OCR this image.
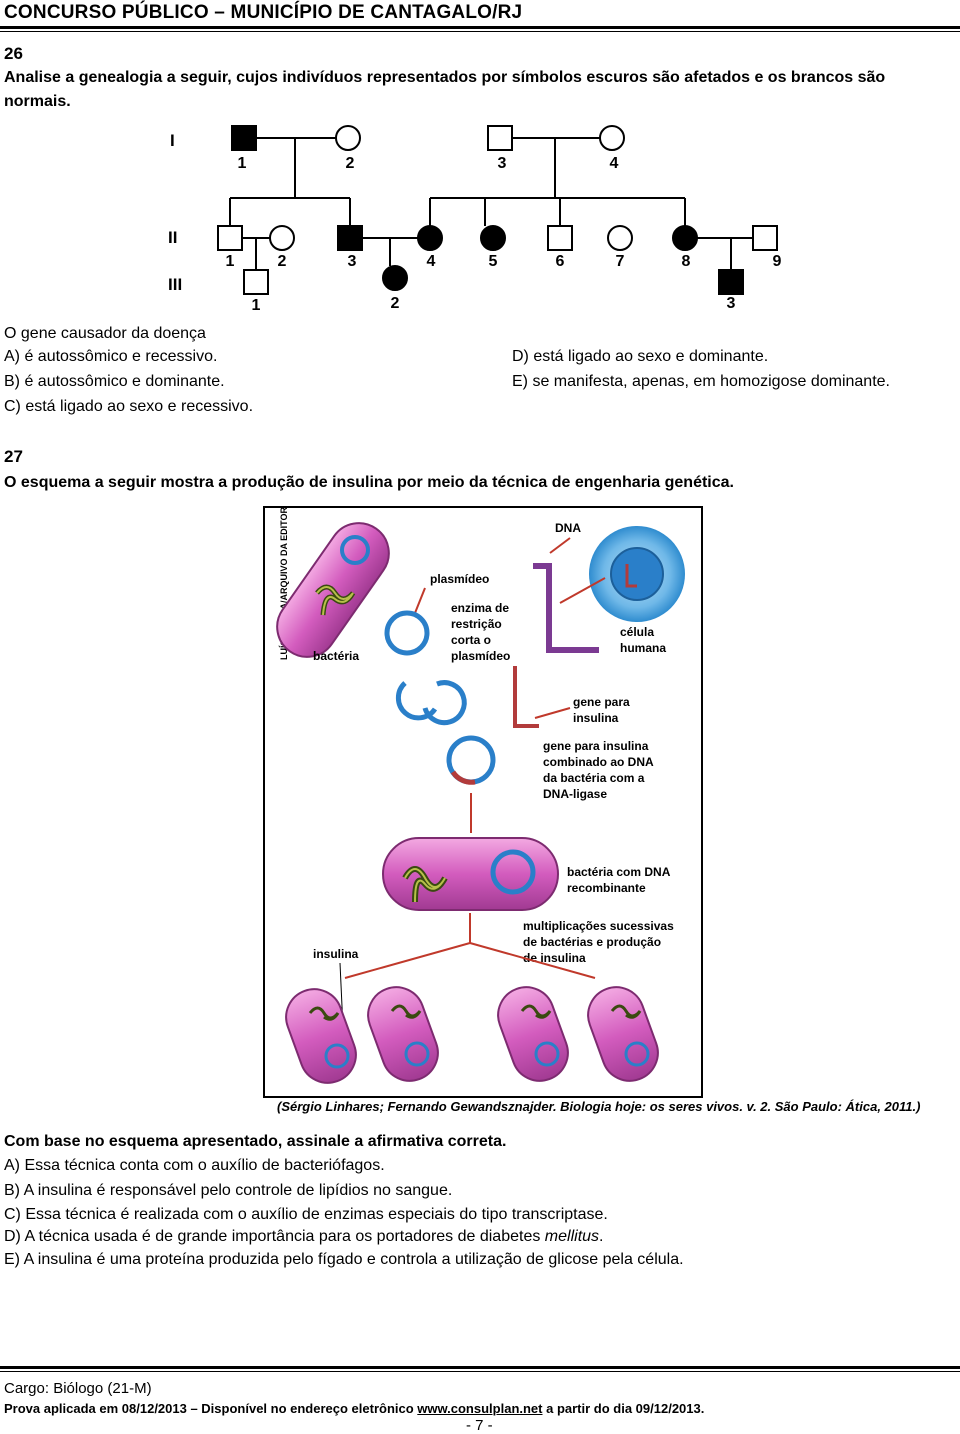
CONCURSO PÚBLICO – MUNICÍPIO DE CANTAGALO/RJ
26
Analise a genealogia a seguir, cujos indivíduos representados por símbolos escuros são afetados e os brancos são
normais.
I
II
III
1	2	3	4
1	2	3	4	5	6	7	8	9
1	2	3
O gene causador da doença
A) é autossômico e recessivo.
B) é autossômico e dominante.
C) está ligado ao sexo e recessivo.
D) está ligado ao sexo e dominante.
E) se manifesta, apenas, em homozigose dominante.
27
O esquema a seguir mostra a produção de insulina por meio da técnica de engenharia genética.
LUÍS MOURA/ARQUIVO DA EDITORA bactéria
célula
humana
DNA
plasmídeo
enzima de
restrição
corta o
plasmídeo
gene para
insulina
gene para insulina
combinado ao DNA
da bactéria com a
DNA-ligase
bactéria com DNA
recombinante
multiplicações sucessivas
de bactérias e produção
de insulina
insulina
(Sérgio Linhares; Fernando Gewandsznajder. Biologia hoje: os seres vivos. v. 2. São Paulo: Ática, 2011.)
Com base no esquema apresentado, assinale a afirmativa correta.
A) Essa técnica conta com o auxílio de bacteriófagos.
B) A insulina é responsável pelo controle de lipídios no sangue.
C) Essa técnica é realizada com o auxílio de enzimas especiais do tipo transcriptase.
D) A técnica usada é de grande importância para os portadores de diabetes mellitus.
E) A insulina é uma proteína produzida pelo fígado e controla a utilização de glicose pela célula.
Cargo: Biólogo (21-M)
Prova aplicada em 08/12/2013 – Disponível no endereço eletrônico www.consulplan.net a partir do dia 09/12/2013.
- 7 -
